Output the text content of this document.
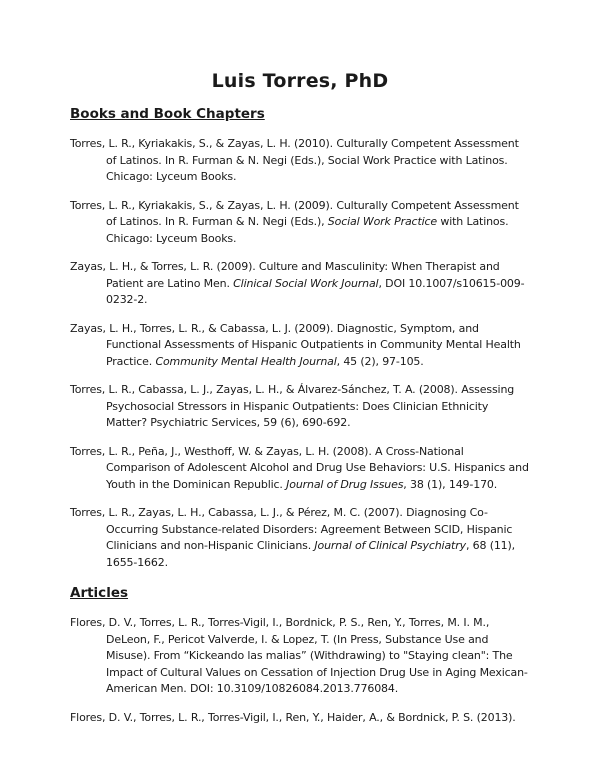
Luis Torres, PhD
Books and Book Chapters

Torres, L. R., Kyriakakis, S., & Zayas, L. H. (2010). Culturally Competent Assessment of Latinos. In R. Furman & N. Negi (Eds.), Social Work Practice with Latinos. Chicago: Lyceum Books.

Torres, L. R., Kyriakakis, S., & Zayas, L. H. (2009). Culturally Competent Assessment of Latinos. In R. Furman & N. Negi (Eds.), Social Work Practice with Latinos. Chicago: Lyceum Books.

Zayas, L. H., & Torres, L. R. (2009). Culture and Masculinity: When Therapist and Patient are Latino Men. Clinical Social Work Journal, DOI 10.1007/s10615-009-0232-2.

Zayas, L. H., Torres, L. R., & Cabassa, L. J. (2009). Diagnostic, Symptom, and Functional Assessments of Hispanic Outpatients in Community Mental Health Practice. Community Mental Health Journal, 45 (2), 97-105.

Torres, L. R., Cabassa, L. J., Zayas, L. H., & Álvarez-Sánchez, T. A. (2008). Assessing Psychosocial Stressors in Hispanic Outpatients: Does Clinician Ethnicity Matter? Psychiatric Services, 59 (6), 690-692.

Torres, L. R., Peña, J., Westhoff, W. & Zayas, L. H. (2008). A Cross-National Comparison of Adolescent Alcohol and Drug Use Behaviors: U.S. Hispanics and Youth in the Dominican Republic. Journal of Drug Issues, 38 (1), 149-170.

Torres, L. R., Zayas, L. H., Cabassa, L. J., & Pérez, M. C. (2007). Diagnosing Co-Occurring Substance-related Disorders: Agreement Between SCID, Hispanic Clinicians and non-Hispanic Clinicians. Journal of Clinical Psychiatry, 68 (11), 1655-1662.

Articles

Flores, D. V., Torres, L. R., Torres-Vigil, I., Bordnick, P. S., Ren, Y., Torres, M. I. M., DeLeon, F., Pericot Valverde, I. & Lopez, T. (In Press, Substance Use and Misuse). From “Kickeando las malias” (Withdrawing) to "Staying clean": The Impact of Cultural Values on Cessation of Injection Drug Use in Aging Mexican-American Men. DOI: 10.3109/10826084.2013.776084.

Flores, D. V., Torres, L. R., Torres-Vigil, I., Ren, Y., Haider, A., & Bordnick, P. S. (2013).
